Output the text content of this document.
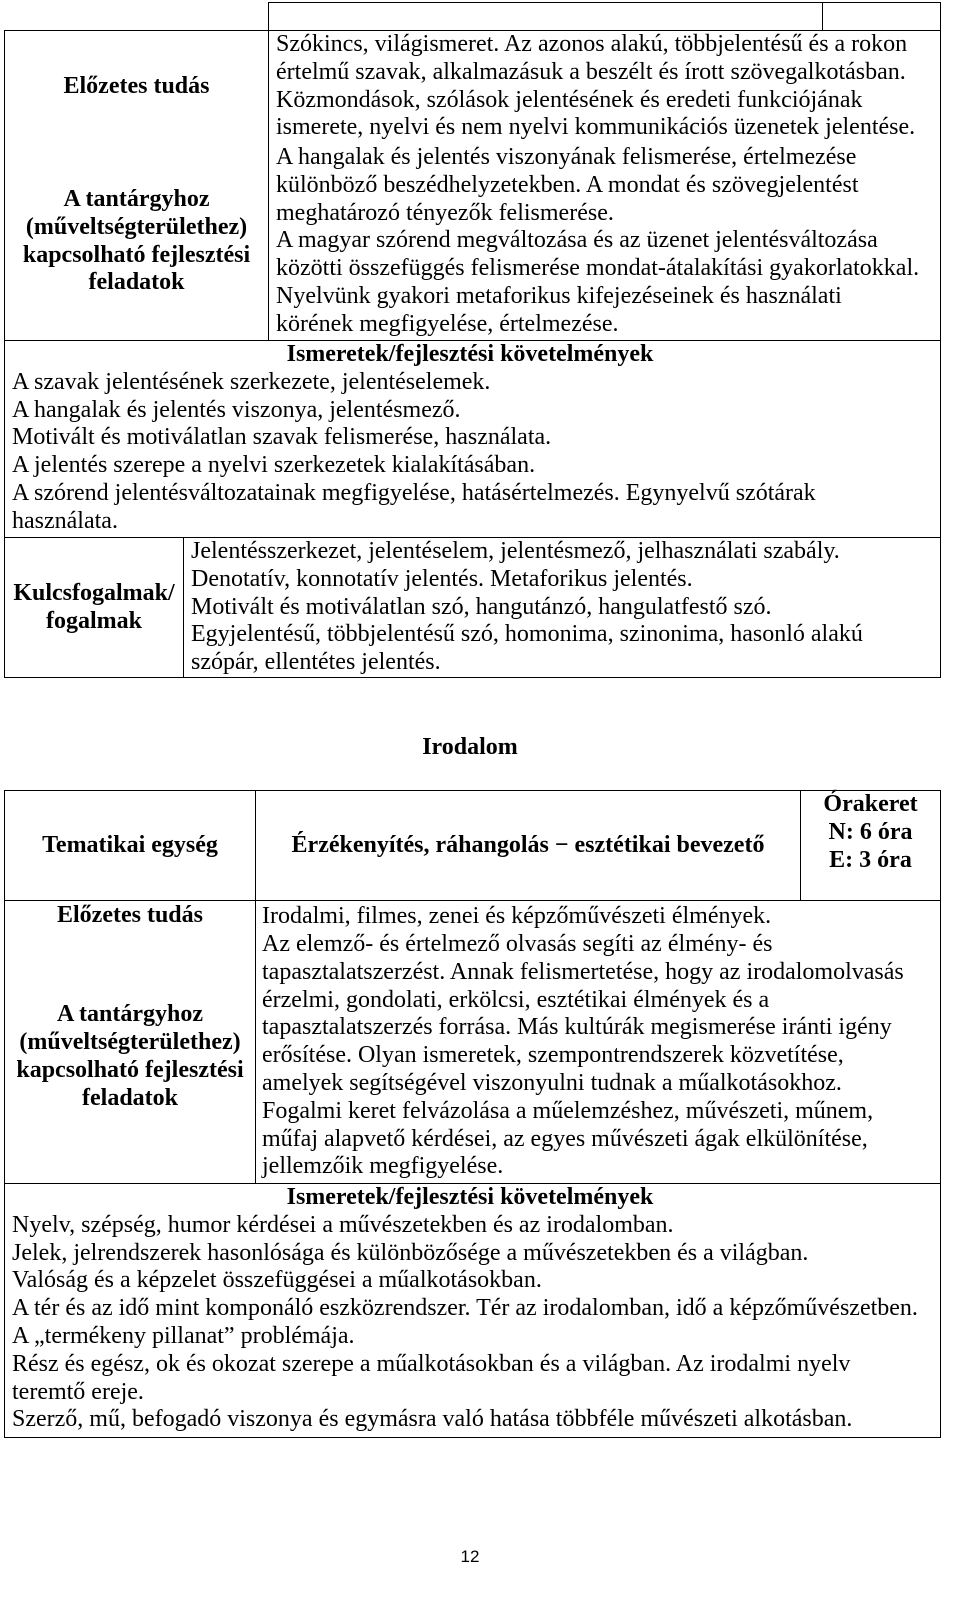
Előzetes tudás
Szókincs, világismeret. Az azonos alakú, többjelentésű és a rokon
értelmű szavak, alkalmazásuk a beszélt és írott szövegalkotásban.
Közmondások, szólások jelentésének és eredeti funkciójának
ismerete, nyelvi és nem nyelvi kommunikációs üzenetek jelentése.
A tantárgyhoz
(műveltségterülethez)
kapcsolható fejlesztési
feladatok
A hangalak és jelentés viszonyának felismerése, értelmezése
különböző beszédhelyzetekben. A mondat és szövegjelentést
meghatározó tényezők felismerése.
A magyar szórend megváltozása és az üzenet jelentésváltozása
közötti összefüggés felismerése mondat-átalakítási gyakorlatokkal.
Nyelvünk gyakori metaforikus kifejezéseinek és használati
körének megfigyelése, értelmezése.
Ismeretek/fejlesztési követelmények
A szavak jelentésének szerkezete, jelentéselemek.
A hangalak és jelentés viszonya, jelentésmező.
Motivált és motiválatlan szavak felismerése, használata.
A jelentés szerepe a nyelvi szerkezetek kialakításában.
A szórend jelentésváltozatainak megfigyelése, hatásértelmezés. Egynyelvű szótárak
használata.
Kulcsfogalmak/
fogalmak
Jelentésszerkezet, jelentéselem, jelentésmező, jelhasználati szabály.
Denotatív, konnotatív jelentés. Metaforikus jelentés.
Motivált és motiválatlan szó, hangutánzó, hangulatfestő szó.
Egyjelentésű, többjelentésű szó, homonima, szinonima, hasonló alakú
szópár, ellentétes jelentés.
Irodalom
Tematikai egység	Érzékenyítés, ráhangolás − esztétikai bevezető
Órakeret
N: 6 óra
E: 3 óra
Előzetes tudás Irodalmi, filmes, zenei és képzőművészeti élmények.
A tantárgyhoz
(műveltségterülethez)
kapcsolható fejlesztési
feladatok
Az elemző- és értelmező olvasás segíti az élmény- és
tapasztalatszerzést. Annak felismertetése, hogy az irodalomolvasás
érzelmi, gondolati, erkölcsi, esztétikai élmények és a
tapasztalatszerzés forrása. Más kultúrák megismerése iránti igény
erősítése. Olyan ismeretek, szempontrendszerek közvetítése,
amelyek segítségével viszonyulni tudnak a műalkotásokhoz.
Fogalmi keret felvázolása a műelemzéshez, művészeti, műnem,
műfaj alapvető kérdései, az egyes művészeti ágak elkülönítése,
jellemzőik megfigyelése.
Ismeretek/fejlesztési követelmények
Nyelv, szépség, humor kérdései a művészetekben és az irodalomban.
Jelek, jelrendszerek hasonlósága és különbözősége a művészetekben és a világban.
Valóság és a képzelet összefüggései a műalkotásokban.
A tér és az idő mint komponáló eszközrendszer. Tér az irodalomban, idő a képzőművészetben.
A „termékeny pillanat” problémája.
Rész és egész, ok és okozat szerepe a műalkotásokban és a világban. Az irodalmi nyelv
teremtő ereje.
Szerző, mű, befogadó viszonya és egymásra való hatása többféle művészeti alkotásban.
12
